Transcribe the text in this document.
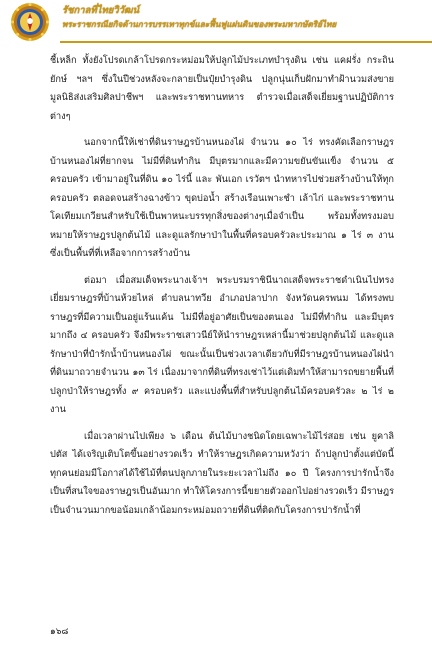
รัชกาลที่ไทยวิวัฒน์
พระราชกรณียกิจด้านการบรรเทาทุกข์และฟื้นฟูแผ่นดินของพระมหากษัตริย์ไทย

ชี้เหล็ก ทั้งยังโปรดเกล้าโปรดกระหม่อมให้ปลูกไม้ประเภทบำรุงดิน เช่น แคฝรั่ง กระถินยักษ์ ฯลฯ ซึ่งในปีช่วงหลังจะกลายเป็นปุ๋ยบำรุงดิน ปลูกนุ่นเก็บฝักมาทำฝ้านวมส่งขายมูลนิธิส่งเสริมศิลปาชีพฯ และพระราชทานทหาร ตำรวจเมื่อเสด็จเยี่ยมฐานปฏิบัติการต่างๆ

นอกจากนี้ให้เช่าที่ดินราษฎรบ้านหนองไผ่ จำนวน ๑๐ ไร่ ทรงคัดเลือกราษฎรบ้านหนองไผ่ที่ยากจน ไม่มีที่ดินทำกิน มีบุตรมากและมีความขยันขันแข็ง จำนวน ๕ ครอบครัว เข้ามาอยู่ในที่ดิน ๑๐ ไร่นี้ และ พันเอก เรวัตฯ นำทหารไปช่วยสร้างบ้านให้ทุกครอบครัว ตลอดจนสร้างฉางข้าว ขุดบ่อน้ำ สร้างเรือนเพาะชำ เล้าไก่ และพระราชทานโคเทียมเกวียนสำหรับใช้เป็นพาหนะบรรทุกสิ่งของต่างๆเมื่อจำเป็น พร้อมทั้งทรงมอบหมายให้ราษฎรปลูกต้นไม้ และดูแลรักษาป่าในพื้นที่ครอบครัวละประมาณ ๑ ไร่ ๓ งาน ซึ่งเป็นพื้นที่ที่เหลือจากการสร้างบ้าน

ต่อมา เมื่อสมเด็จพระนางเจ้าฯ พระบรมราชินีนาถเสด็จพระราชดำเนินไปทรงเยี่ยมราษฎรที่บ้านห้วยไหล่ ตำบลนาทวีย อำเภอปลาปาก จังหวัดนครพนม ได้ทรงพบราษฎรที่มีความเป็นอยู่แร้นแค้น ไม่มีที่อยู่อาศัยเป็นของตนเอง ไม่มีที่ทำกิน และมีบุตรมากถึง ๔ ครอบครัว จึงมีพระราชเสาวนีย์ให้นำราษฎรเหล่านี้มาช่วยปลูกต้นไม้ และดูแลรักษาป่าที่ปำรักน้ำบ้านหนองไผ่ ขณะนั้นเป็นช่วงเวลาเดียวกับที่มีราษฎรบ้านหนองไผ่นำที่ดินมาถวายจำนวน ๑๓ ไร่ เนื่องมาจากที่ดินที่ทรงเช่าไว้แต่เดิมทำให้สามารถขยายพื้นที่ปลูกป่าให้ราษฎรทั้ง ๙ ครอบครัว และแบ่งพื้นที่สำหรับปลูกต้นไม้ครอบครัวละ ๒ ไร่ ๒ งาน

เมื่อเวลาผ่านไปเพียง ๖ เดือน ต้นไม้บางชนิดโดยเฉพาะไม้ไร่สอย เช่น ยูคาลิปตัส ได้เจริญเติบโตขึ้นอย่างรวดเร็ว ทำให้ราษฎรเกิดความหวังว่า ถ้าปลูกป่าตั้งแต่บัดนี้ ทุกคนย่อมมีโอกาสได้ใช้ไม้ที่ตนปลูกภายในระยะเวลาไม่ถึง ๑๐ ปี โครงการปารักน้ำจึงเป็นที่สนใจของราษฎรเป็นอันมาก ทำให้โครงการนี้ขยายตัวออกไปอย่างรวดเร็ว มีราษฎรเป็นจำนวนมากขอน้อมเกล้าน้อมกระหม่อมถวายที่ดินที่ติดกับโครงการปารักน้ำที่

๑๖๘
